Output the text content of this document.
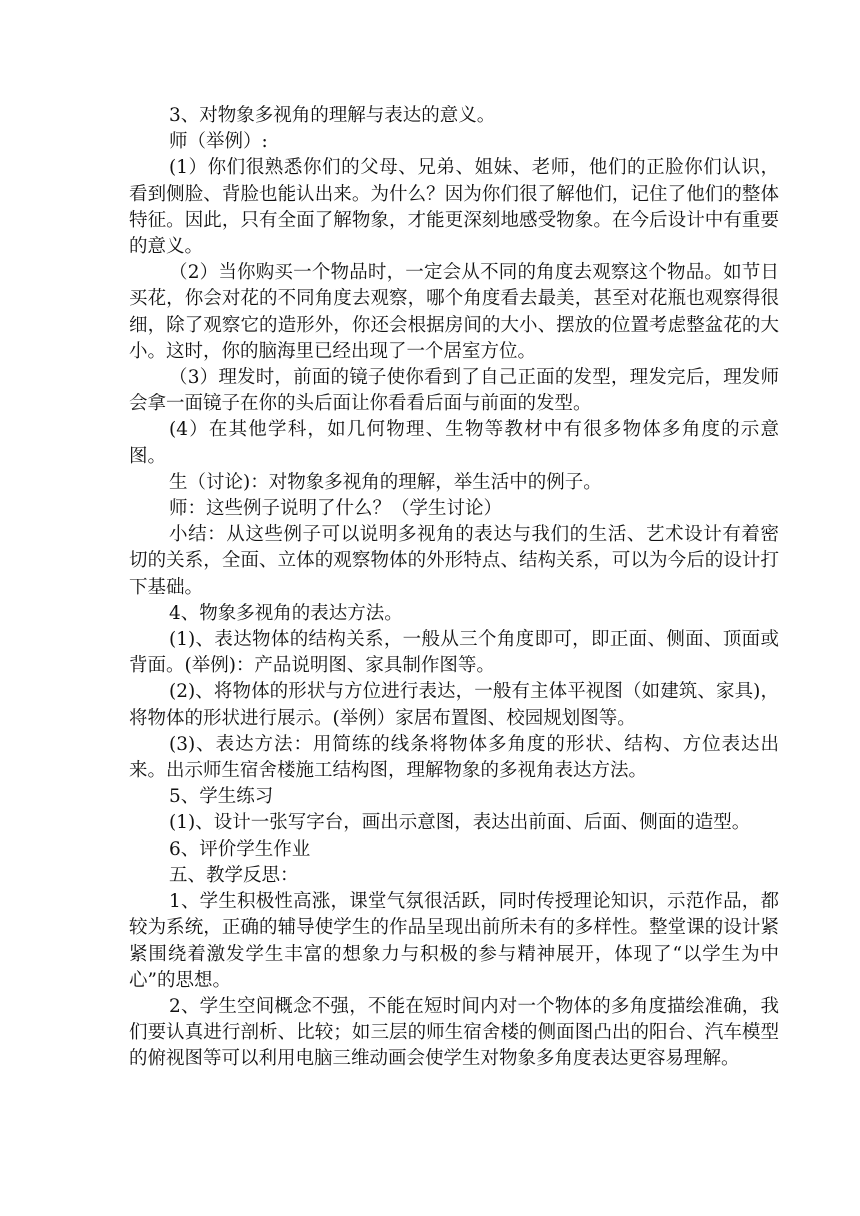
3、对物象多视角的理解与表达的意义。

师（举例）:

(1）你们很熟悉你们的父母、兄弟、姐妹、老师，他们的正脸你们认识，看到侧脸、背脸也能认出来。为什么？因为你们很了解他们，记住了他们的整体特征。因此，只有全面了解物象，才能更深刻地感受物象。在今后设计中有重要的意义。

（2）当你购买一个物品时，一定会从不同的角度去观察这个物品。如节日买花，你会对花的不同角度去观察，哪个角度看去最美，甚至对花瓶也观察得很细，除了观察它的造形外，你还会根据房间的大小、摆放的位置考虑整盆花的大小。这时，你的脑海里已经出现了一个居室方位。

（3）理发时，前面的镜子使你看到了自己正面的发型，理发完后，理发师会拿一面镜子在你的头后面让你看看后面与前面的发型。

(4）在其他学科，如几何物理、生物等教材中有很多物体多角度的示意图。

生（讨论)：对物象多视角的理解，举生活中的例子。

师：这些例子说明了什么？（学生讨论）

小结：从这些例子可以说明多视角的表达与我们的生活、艺术设计有着密切的关系，全面、立体的观察物体的外形特点、结构关系，可以为今后的设计打下基础。

4、物象多视角的表达方法。

(1)、表达物体的结构关系，一般从三个角度即可，即正面、侧面、顶面或背面。(举例)：产品说明图、家具制作图等。

(2)、将物体的形状与方位进行表达，一般有主体平视图（如建筑、家具)，将物体的形状进行展示。(举例）家居布置图、校园规划图等。

(3)、表达方法：用简练的线条将物体多角度的形状、结构、方位表达出来。出示师生宿舍楼施工结构图，理解物象的多视角表达方法。

5、学生练习

(1)、设计一张写字台，画出示意图，表达出前面、后面、侧面的造型。

6、评价学生作业

五、教学反思：

1、学生积极性高涨，课堂气氛很活跃，同时传授理论知识，示范作品，都较为系统，正确的辅导使学生的作品呈现出前所未有的多样性。整堂课的设计紧紧围绕着激发学生丰富的想象力与积极的参与精神展开，体现了“以学生为中心”的思想。

2、学生空间概念不强，不能在短时间内对一个物体的多角度描绘准确，我们要认真进行剖析、比较；如三层的师生宿舍楼的侧面图凸出的阳台、汽车模型的俯视图等可以利用电脑三维动画会使学生对物象多角度表达更容易理解。
